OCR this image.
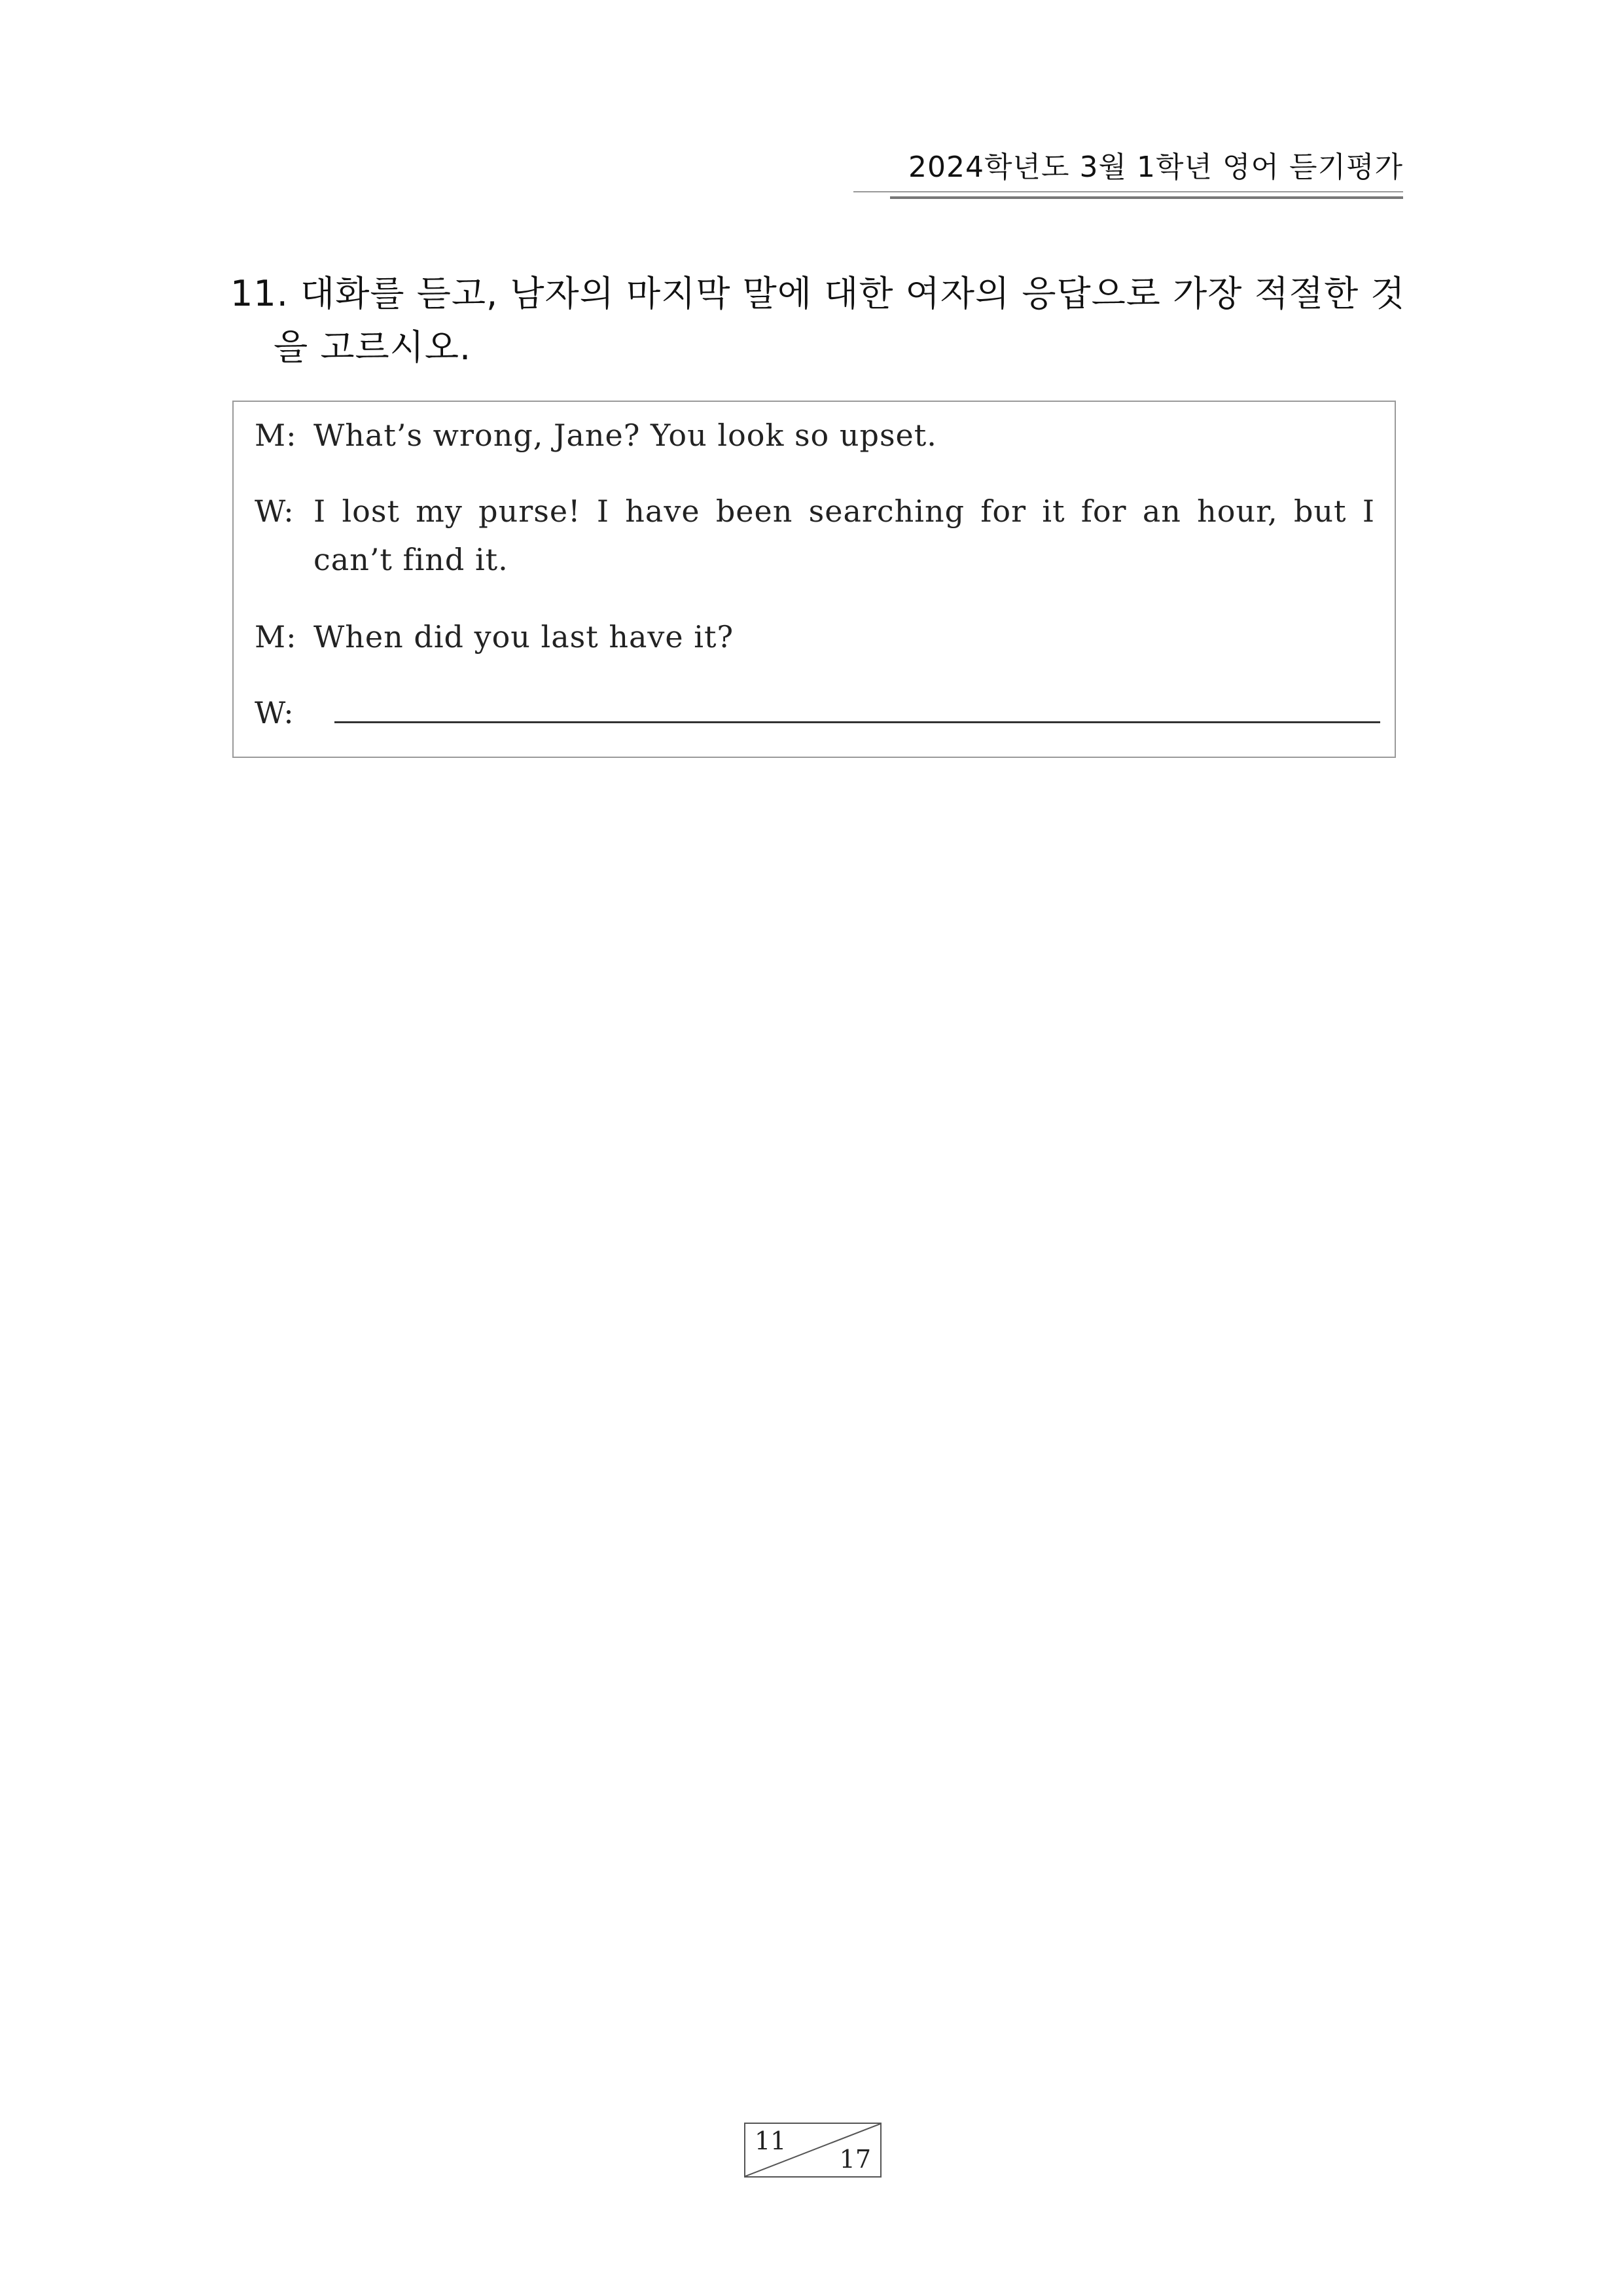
2024학년도 3월 1학년 영어 듣기평가
11. 대화를 듣고, 남자의 마지막 말에 대한 여자의 응답으로 가장 적절한 것
을 고르시오.
M: What’s wrong, Jane? You look so upset.
W: I lost my purse! I have been searching for it for an hour, but I can’t find it.
M: When did you last have it?
W:
11
17
